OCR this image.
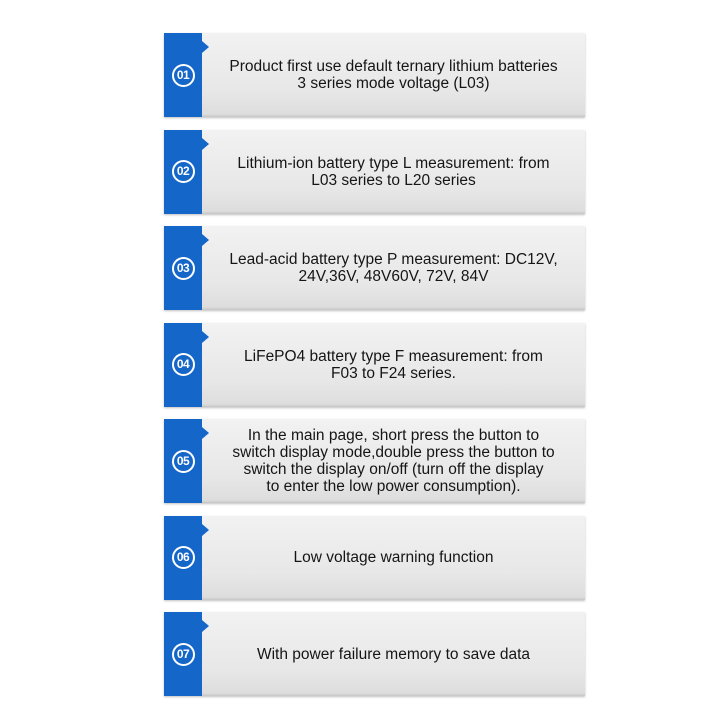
01	Product first use default ternary lithium batteries
3 series mode voltage (L03)
02	Lithium-ion battery type L measurement: from
L03 series to L20 series
03	Lead-acid battery type P measurement: DC12V,
24V,36V, 48V60V, 72V, 84V
04	LiFePO4 battery type F measurement: from
F03 to F24 series.
05
In the main page, short press the button to
switch display mode,double press the button to
switch the display on/off (turn off the display
to enter the low power consumption).
06	Low voltage warning function
07	With power failure memory to save data
